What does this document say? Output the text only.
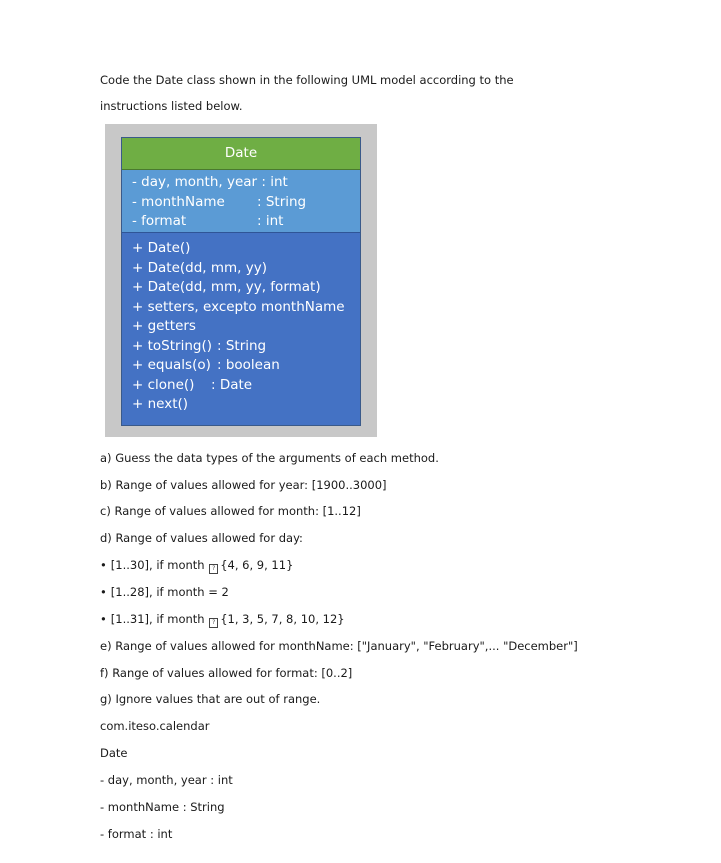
Code the Date class shown in the following UML model according to the
instructions listed below.
Date
- day, month, year : int
- monthName : String
- format	: int
+ Date()
+ Date(dd, mm, yy)
+ Date(dd, mm, yy, format)
+ setters, excepto monthName
+ getters
+ toString() : String
+ equals(o) : boolean
+ clone() : Date
+ next()
a) Guess the data types of the arguments of each method.
b) Range of values allowed for year: [1900..3000]
c) Range of values allowed for month: [1..12]
d) Range of values allowed for day:
• [1..30], if month ? {4, 6, 9, 11}
• [1..28], if month = 2
• [1..31], if month ? {1, 3, 5, 7, 8, 10, 12}
e) Range of values allowed for monthName: ["January", "February",... "December"]
f) Range of values allowed for format: [0..2]
g) Ignore values that are out of range.
com.iteso.calendar
Date
- day, month, year : int
- monthName : String
- format : int
